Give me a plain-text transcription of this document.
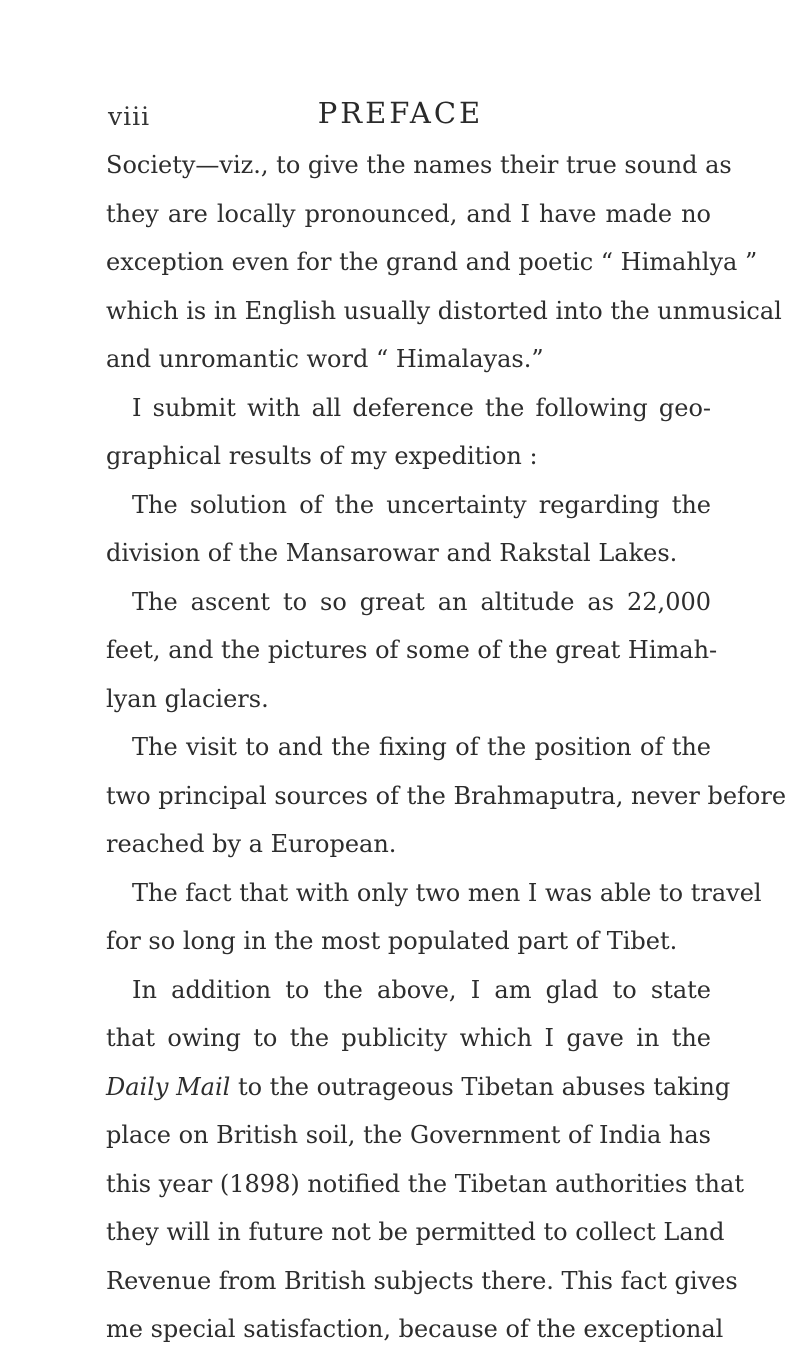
viii	PREFACE
Society—viz., to give the names their true sound as
they are locally pronounced, and I have made no
exception even for the grand and poetic “ Himahlya ”
which is in English usually distorted into the unmusical
and unromantic word “ Himalayas.”
I submit with all deference the following geo-
graphical results of my expedition :
The solution of the uncertainty regarding the
division of the Mansarowar and Rakstal Lakes.
The ascent to so great an altitude as 22,000
feet, and the pictures of some of the great Himah-
lyan glaciers.
The visit to and the fixing of the position of the
two principal sources of the Brahmaputra, never before
reached by a European.
The fact that with only two men I was able to travel
for so long in the most populated part of Tibet.
In addition to the above, I am glad to state
that owing to the publicity which I gave in the
Daily Mail to the outrageous Tibetan abuses taking
place on British soil, the Government of India has
this year (1898) notified the Tibetan authorities that
they will in future not be permitted to collect Land
Revenue from British subjects there. This fact gives
me special satisfaction, because of the exceptional
